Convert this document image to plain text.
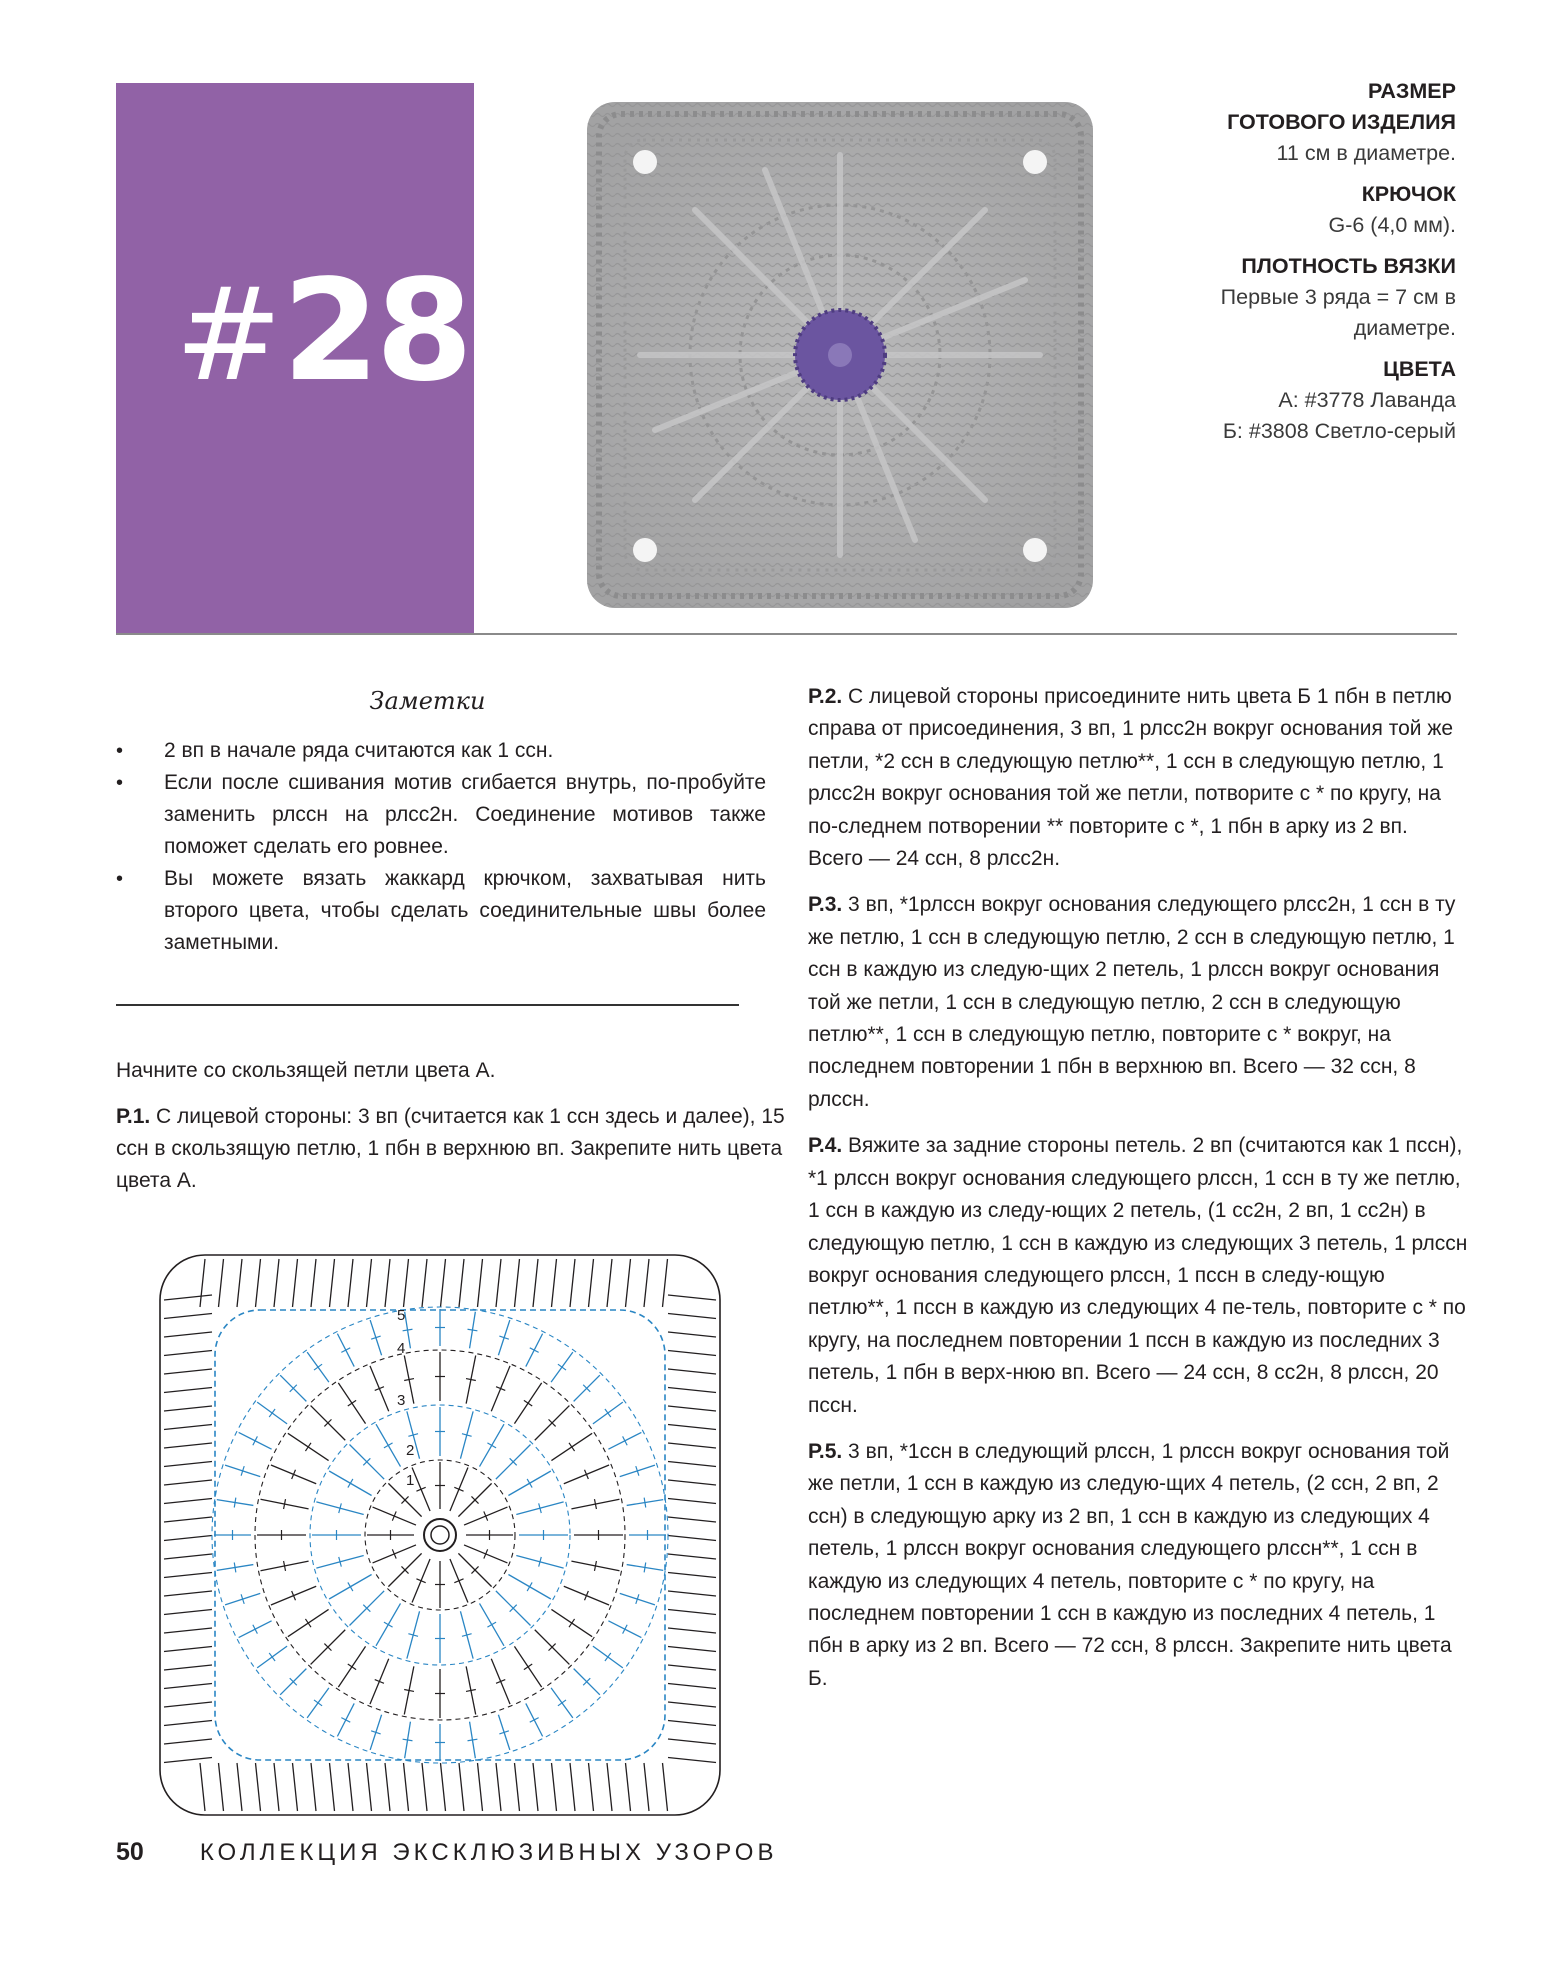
#28
РАЗМЕР
ГОТОВОГО ИЗДЕЛИЯ
11 см в диаметре.
КРЮЧОК
G-6 (4,0 мм).
ПЛОТНОСТЬ ВЯЗКИ
Первые 3 ряда = 7 см в
диаметре.
ЦВЕТА
А: #3778 Лаванда
Б: #3808 Светло-серый
Заметки
• 2 вп в начале ряда считаются как 1 ссн.
• Если после сшивания мотив сгибается внутрь, по-пробуйте заменить рлссн на рлсс2н. Соединение мотивов также поможет сделать его ровнее.
• Вы можете вязать жаккард крючком, захватывая нить второго цвета, чтобы сделать соединительные швы более заметными.

Начните со скользящей петли цвета А.

Р.1. С лицевой стороны: 3 вп (считается как 1 ссн здесь и далее), 15 ссн в скользящую петлю, 1 пбн в верхнюю вп. Закрепите нить цвета цвета А.

Р.2. С лицевой стороны присоедините нить цвета Б 1 пбн в петлю справа от присоединения, 3 вп, 1 рлсс2н вокруг основания той же петли, *2 ссн в следующую петлю**, 1 ссн в следующую петлю, 1 рлсс2н вокруг основания той же петли, потворите с * по кругу, на по-следнем потворении ** повторите с *, 1 пбн в арку из 2 вп. Всего — 24 ссн, 8 рлсс2н.

Р.3. 3 вп, *1рлссн вокруг основания следующего рлсс2н, 1 ссн в ту же петлю, 1 ссн в следующую петлю, 2 ссн в следующую петлю, 1 ссн в каждую из следую-щих 2 петель, 1 рлссн вокруг основания той же петли, 1 ссн в следующую петлю, 2 ссн в следующую петлю**, 1 ссн в следующую петлю, повторите с * вокруг, на последнем повторении 1 пбн в верхнюю вп. Всего — 32 ссн, 8 рлссн.

Р.4. Вяжите за задние стороны петель. 2 вп (считаются как 1 пссн), *1 рлссн вокруг основания следующего рлссн, 1 ссн в ту же петлю, 1 ссн в каждую из следу-ющих 2 петель, (1 сс2н, 2 вп, 1 сс2н) в следующую петлю, 1 ссн в каждую из следующих 3 петель, 1 рлссн вокруг основания следующего рлссн, 1 пссн в следу-ющую петлю**, 1 пссн в каждую из следующих 4 пе-тель, повторите с * по кругу, на последнем повторении 1 пссн в каждую из последних 3 петель, 1 пбн в верх-нюю вп. Всего — 24 ссн, 8 сс2н, 8 рлссн, 20 пссн.

Р.5. 3 вп, *1ссн в следующий рлссн, 1 рлссн вокруг основания той же петли, 1 ссн в каждую из следую-щих 4 петель, (2 ссн, 2 вп, 2 ссн) в следующую арку из 2 вп, 1 ссн в каждую из следующих 4 петель, 1 рлссн вокруг основания следующего рлссн**, 1 ссн в каждую из следующих 4 петель, повторите с * по кругу, на последнем повторении 1 ссн в каждую из последних 4 петель, 1 пбн в арку из 2 вп. Всего — 72 ссн, 8 рлссн. Закрепите нить цвета Б.

5
4
3
2
1
50 КОЛЛЕКЦИЯ ЭКСКЛЮЗИВНЫХ УЗОРОВ
